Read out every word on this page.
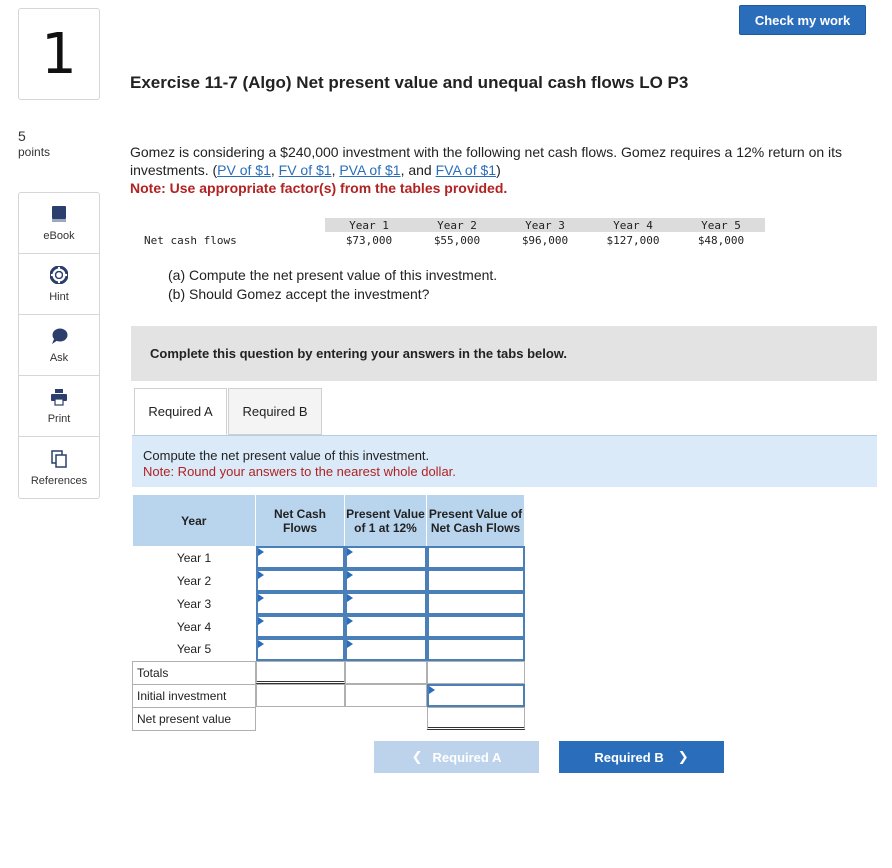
1
5
points
eBook
Hint
Ask
Print
References
Check my work
Exercise 11-7 (Algo) Net present value and unequal cash flows LO P3
Gomez is considering a $240,000 investment with the following net cash flows. Gomez requires a 12% return on its investments. (PV of $1, FV of $1, PVA of $1, and FVA of $1)
Note: Use appropriate factor(s) from the tables provided.
	Year 1	Year 2	Year 3	Year 4	Year 5
Net cash flows	$73,000	$55,000	$96,000	$127,000	$48,000
(a) Compute the net present value of this investment.
(b) Should Gomez accept the investment?
Complete this question by entering your answers in the tabs below.
Required A	Required B
Compute the net present value of this investment.
Note: Round your answers to the nearest whole dollar.
Year	Net Cash Flows	Present Value of 1 at 12%	Present Value of Net Cash Flows
Year 1	

Year 2	

Year 3	

Year 4	

Year 5	

Totals	

Initial investment	

Net present value	

❮ Required A	Required B ❯
